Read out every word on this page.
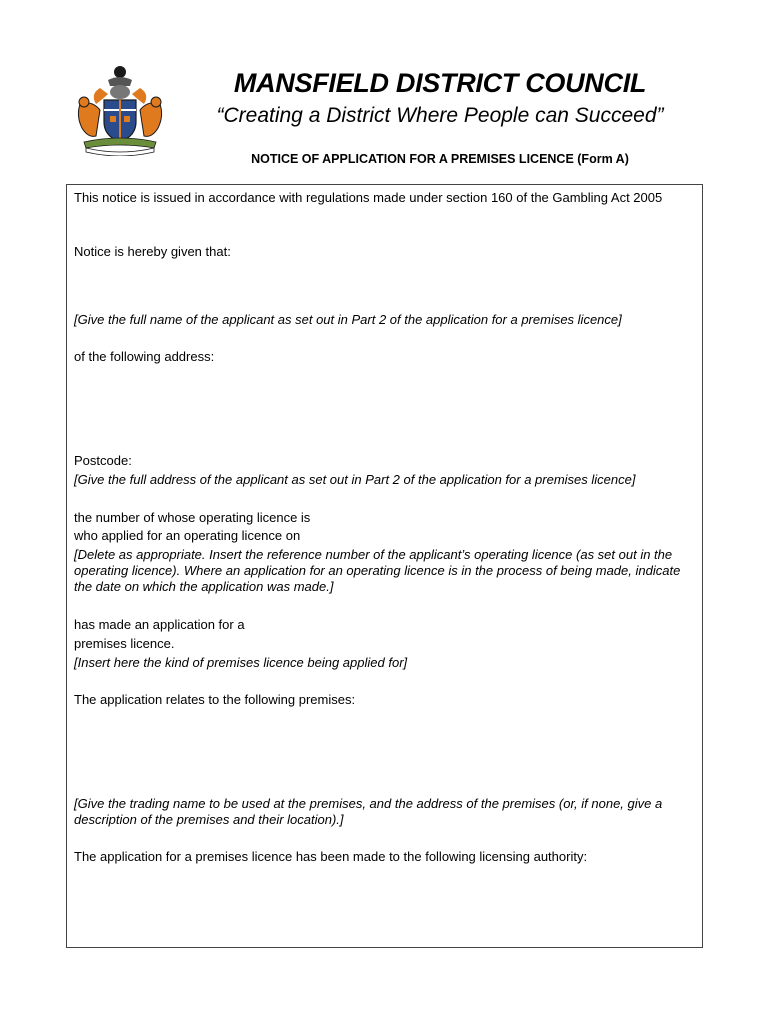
MANSFIELD DISTRICT COUNCIL
“Creating a District Where People can Succeed”
NOTICE OF APPLICATION FOR A PREMISES LICENCE (Form A)
This notice is issued in accordance with regulations made under section 160 of the Gambling Act 2005
Notice is hereby given that:
[Give the full name of the applicant as set out in Part 2 of the application for a premises licence]
of the following address:
Postcode:
[Give the full address of the applicant as set out in Part 2 of the application for a premises licence]
the number of whose operating licence is
who applied for an operating licence on
[Delete as appropriate. Insert the reference number of the applicant’s operating licence (as set out in the operating licence). Where an application for an operating licence is in the process of being made, indicate the date on which the application was made.]
has made an application for a
premises licence.
[Insert here the kind of premises licence being applied for]
The application relates to the following premises:
[Give the trading name to be used at the premises, and the address of the premises (or, if none, give a description of the premises and their location).]
The application for a premises licence has been made to the following licensing authority:
